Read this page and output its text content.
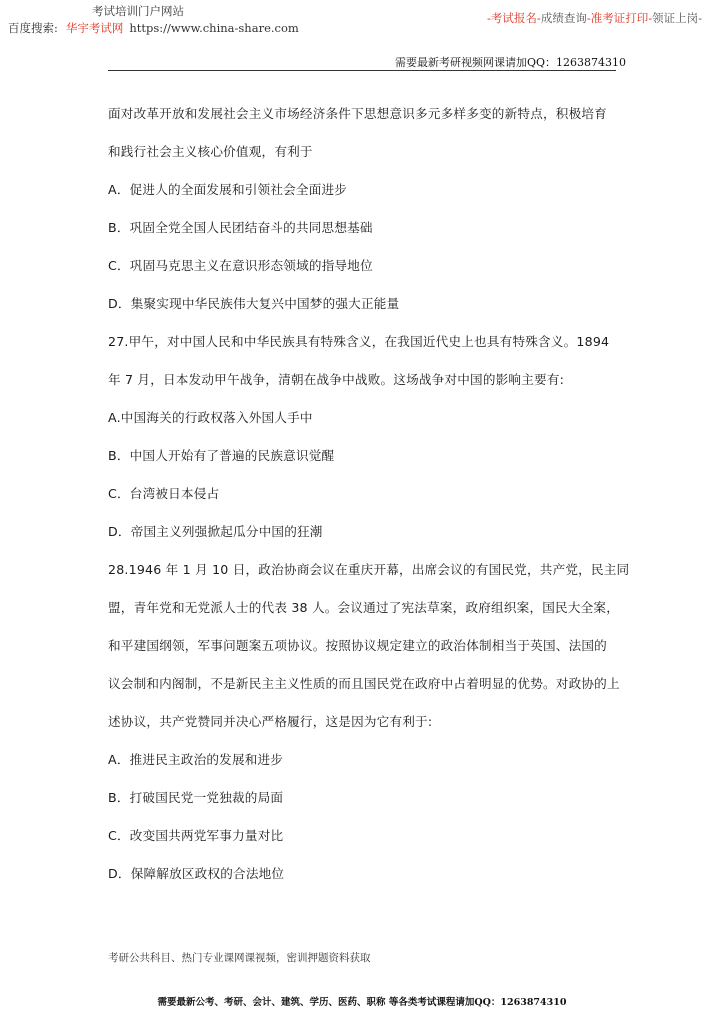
考试培训门户网站
百度搜索: 华宇考试网 https://www.china-share.com
-考试报名-成绩查询-准考证打印-领证上岗-
需要最新考研视频网课请加QQ：1263874310
面对改革开放和发展社会主义市场经济条件下思想意识多元多样多变的新特点，积极培育
和践行社会主义核心价值观，有利于
A．促进人的全面发展和引领社会全面进步
B．巩固全党全国人民团结奋斗的共同思想基础
C．巩固马克思主义在意识形态领域的指导地位
D．集聚实现中华民族伟大复兴中国梦的强大正能量
27.甲午，对中国人民和中华民族具有特殊含义，在我国近代史上也具有特殊含义。1894
年 7 月，日本发动甲午战争，清朝在战争中战败。这场战争对中国的影响主要有:
A.中国海关的行政权落入外国人手中
B．中国人开始有了普遍的民族意识觉醒
C．台湾被日本侵占
D．帝国主义列强掀起瓜分中国的狂潮
28.1946 年 1 月 10 日，政治协商会议在重庆开幕，出席会议的有国民党，共产党，民主同
盟，青年党和无党派人士的代表 38 人。会议通过了宪法草案，政府组织案，国民大全案，
和平建国纲领，军事问题案五项协议。按照协议规定建立的政治体制相当于英国、法国的
议会制和内阁制，不是新民主主义性质的而且国民党在政府中占着明显的优势。对政协的上
述协议，共产党赞同并决心严格履行，这是因为它有利于:
A．推进民主政治的发展和进步
B．打破国民党一党独裁的局面
C．改变国共两党军事力量对比
D．保障解放区政权的合法地位
考研公共科目、热门专业课网课视频，密训押题资料获取
需要最新公考、考研、会计、建筑、学历、医药、职称 等各类考试课程请加QQ：1263874310
